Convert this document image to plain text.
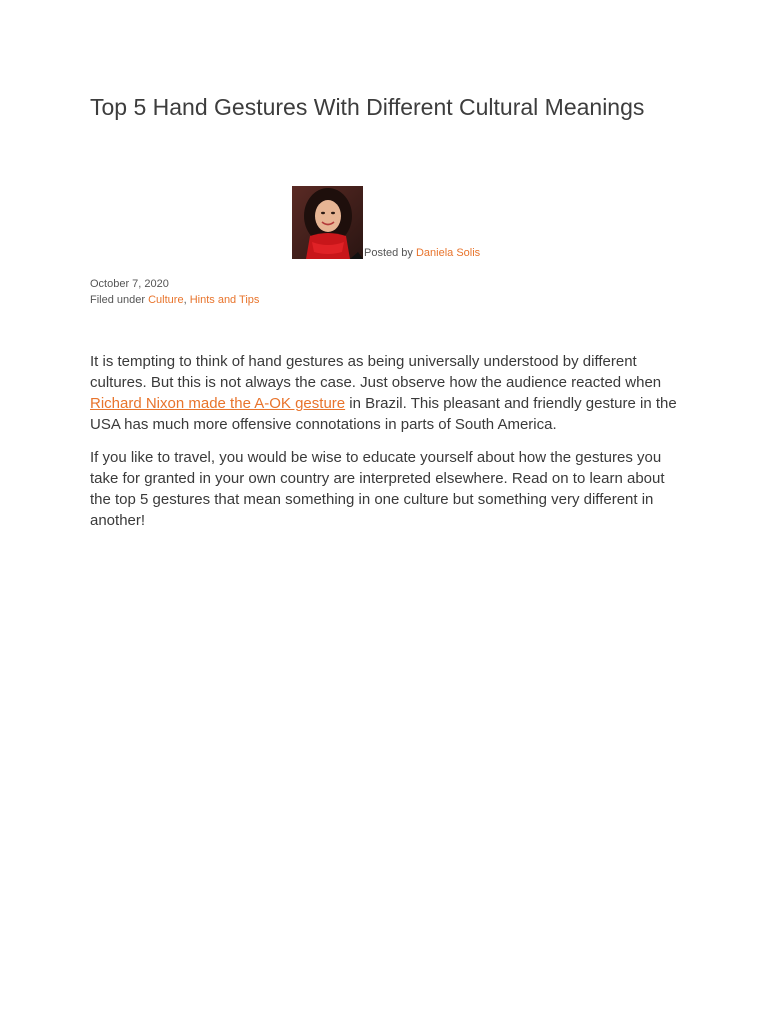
Top 5 Hand Gestures With Different Cultural Meanings
Posted by Daniela Solis
October 7, 2020
Filed under Culture, Hints and Tips

It is tempting to think of hand gestures as being universally understood by different cultures. But this is not always the case. Just observe how the audience reacted when Richard Nixon made the A-OK gesture in Brazil. This pleasant and friendly gesture in the USA has much more offensive connotations in parts of South America.

If you like to travel, you would be wise to educate yourself about how the gestures you take for granted in your own country are interpreted elsewhere. Read on to learn about the top 5 gestures that mean something in one culture but something very different in another!
